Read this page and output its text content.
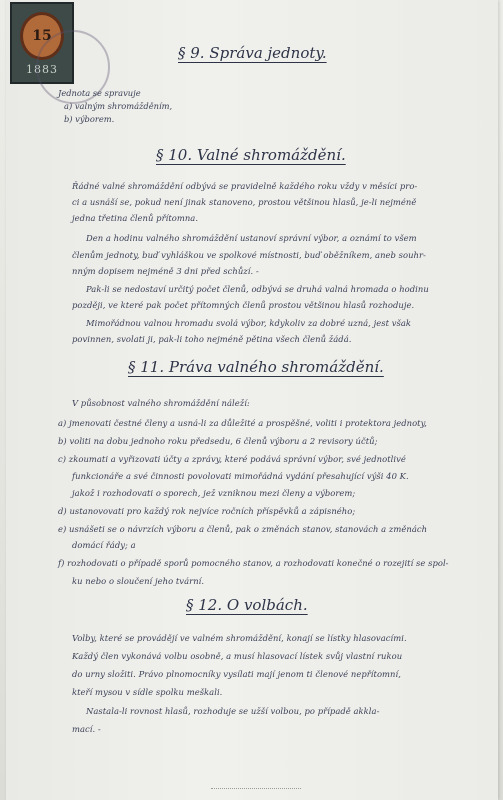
15
1883
§ 9. Správa jednoty.
Jednota se spravuje
a) valným shromážděním,
b) výborem.
§ 10. Valné shromáždění.
Řádné valné shromáždění odbývá se pravidelně každého roku vždy v měsíci pro-
ci a usnáší se, pokud není jinak stanoveno, prostou většinou hlasů, je-li nejméně
jedna třetina členů přítomna.
Den a hodinu valného shromáždění ustanoví správní výbor, a oznámí to všem
členům jednoty, buď vyhláškou ve spolkové místnosti, buď oběžníkem, aneb souhr-
nným dopisem nejméně 3 dni před schůzí. -
Pak-li se nedostaví určitý počet členů, odbývá se druhá valná hromada o hodinu
později, ve které pak počet přítomných členů prostou většinou hlasů rozhoduje.
Mimořádnou valnou hromadu svolá výbor, kdykoliv za dobré uzná, jest však
povinnen, svolati ji, pak-li toho nejméně pětina všech členů žádá.
§ 11. Práva valného shromáždění.
V působnost valného shromáždění náleží:
a) jmenovati čestné členy a usná-li za důležité a prospěšné, voliti i protektora jednoty,
b) voliti na dobu jednoho roku předsedu, 6 členů výboru a 2 revisory účtů;
c) zkoumati a vyřizovati účty a zprávy, které podává správní výbor, své jednotlivé
funkcionáře a své činnosti povolovati mimořádná vydání přesahující výši 40 K.
jakož i rozhodovati o sporech, jež vzniknou mezi členy a výborem;
d) ustanovovati pro každý rok nejvíce ročních příspěvků a zápisného;
e) usnášeti se o návrzích výboru a členů, pak o změnách stanov, stanovách a změnách
domácí řády; a
f) rozhodovati o případě sporů pomocného stanov, a rozhodovati konečné o rozejití se spol-
ku nebo o sloučení jeho tvární.
§ 12. O volbách.
Volby, které se provádějí ve valném shromáždění, konají se lístky hlasovacími.
Každý člen vykonává volbu osobně, a musí hlasovací lístek svůj vlastní rukou
do urny složiti. Právo plnomocníky vysílati mají jenom ti členové nepřítomní,
kteří mysou v sídle spolku meškali.
Nastala-li rovnost hlasů, rozhoduje se užší volbou, po případě akkla-
mací. -
